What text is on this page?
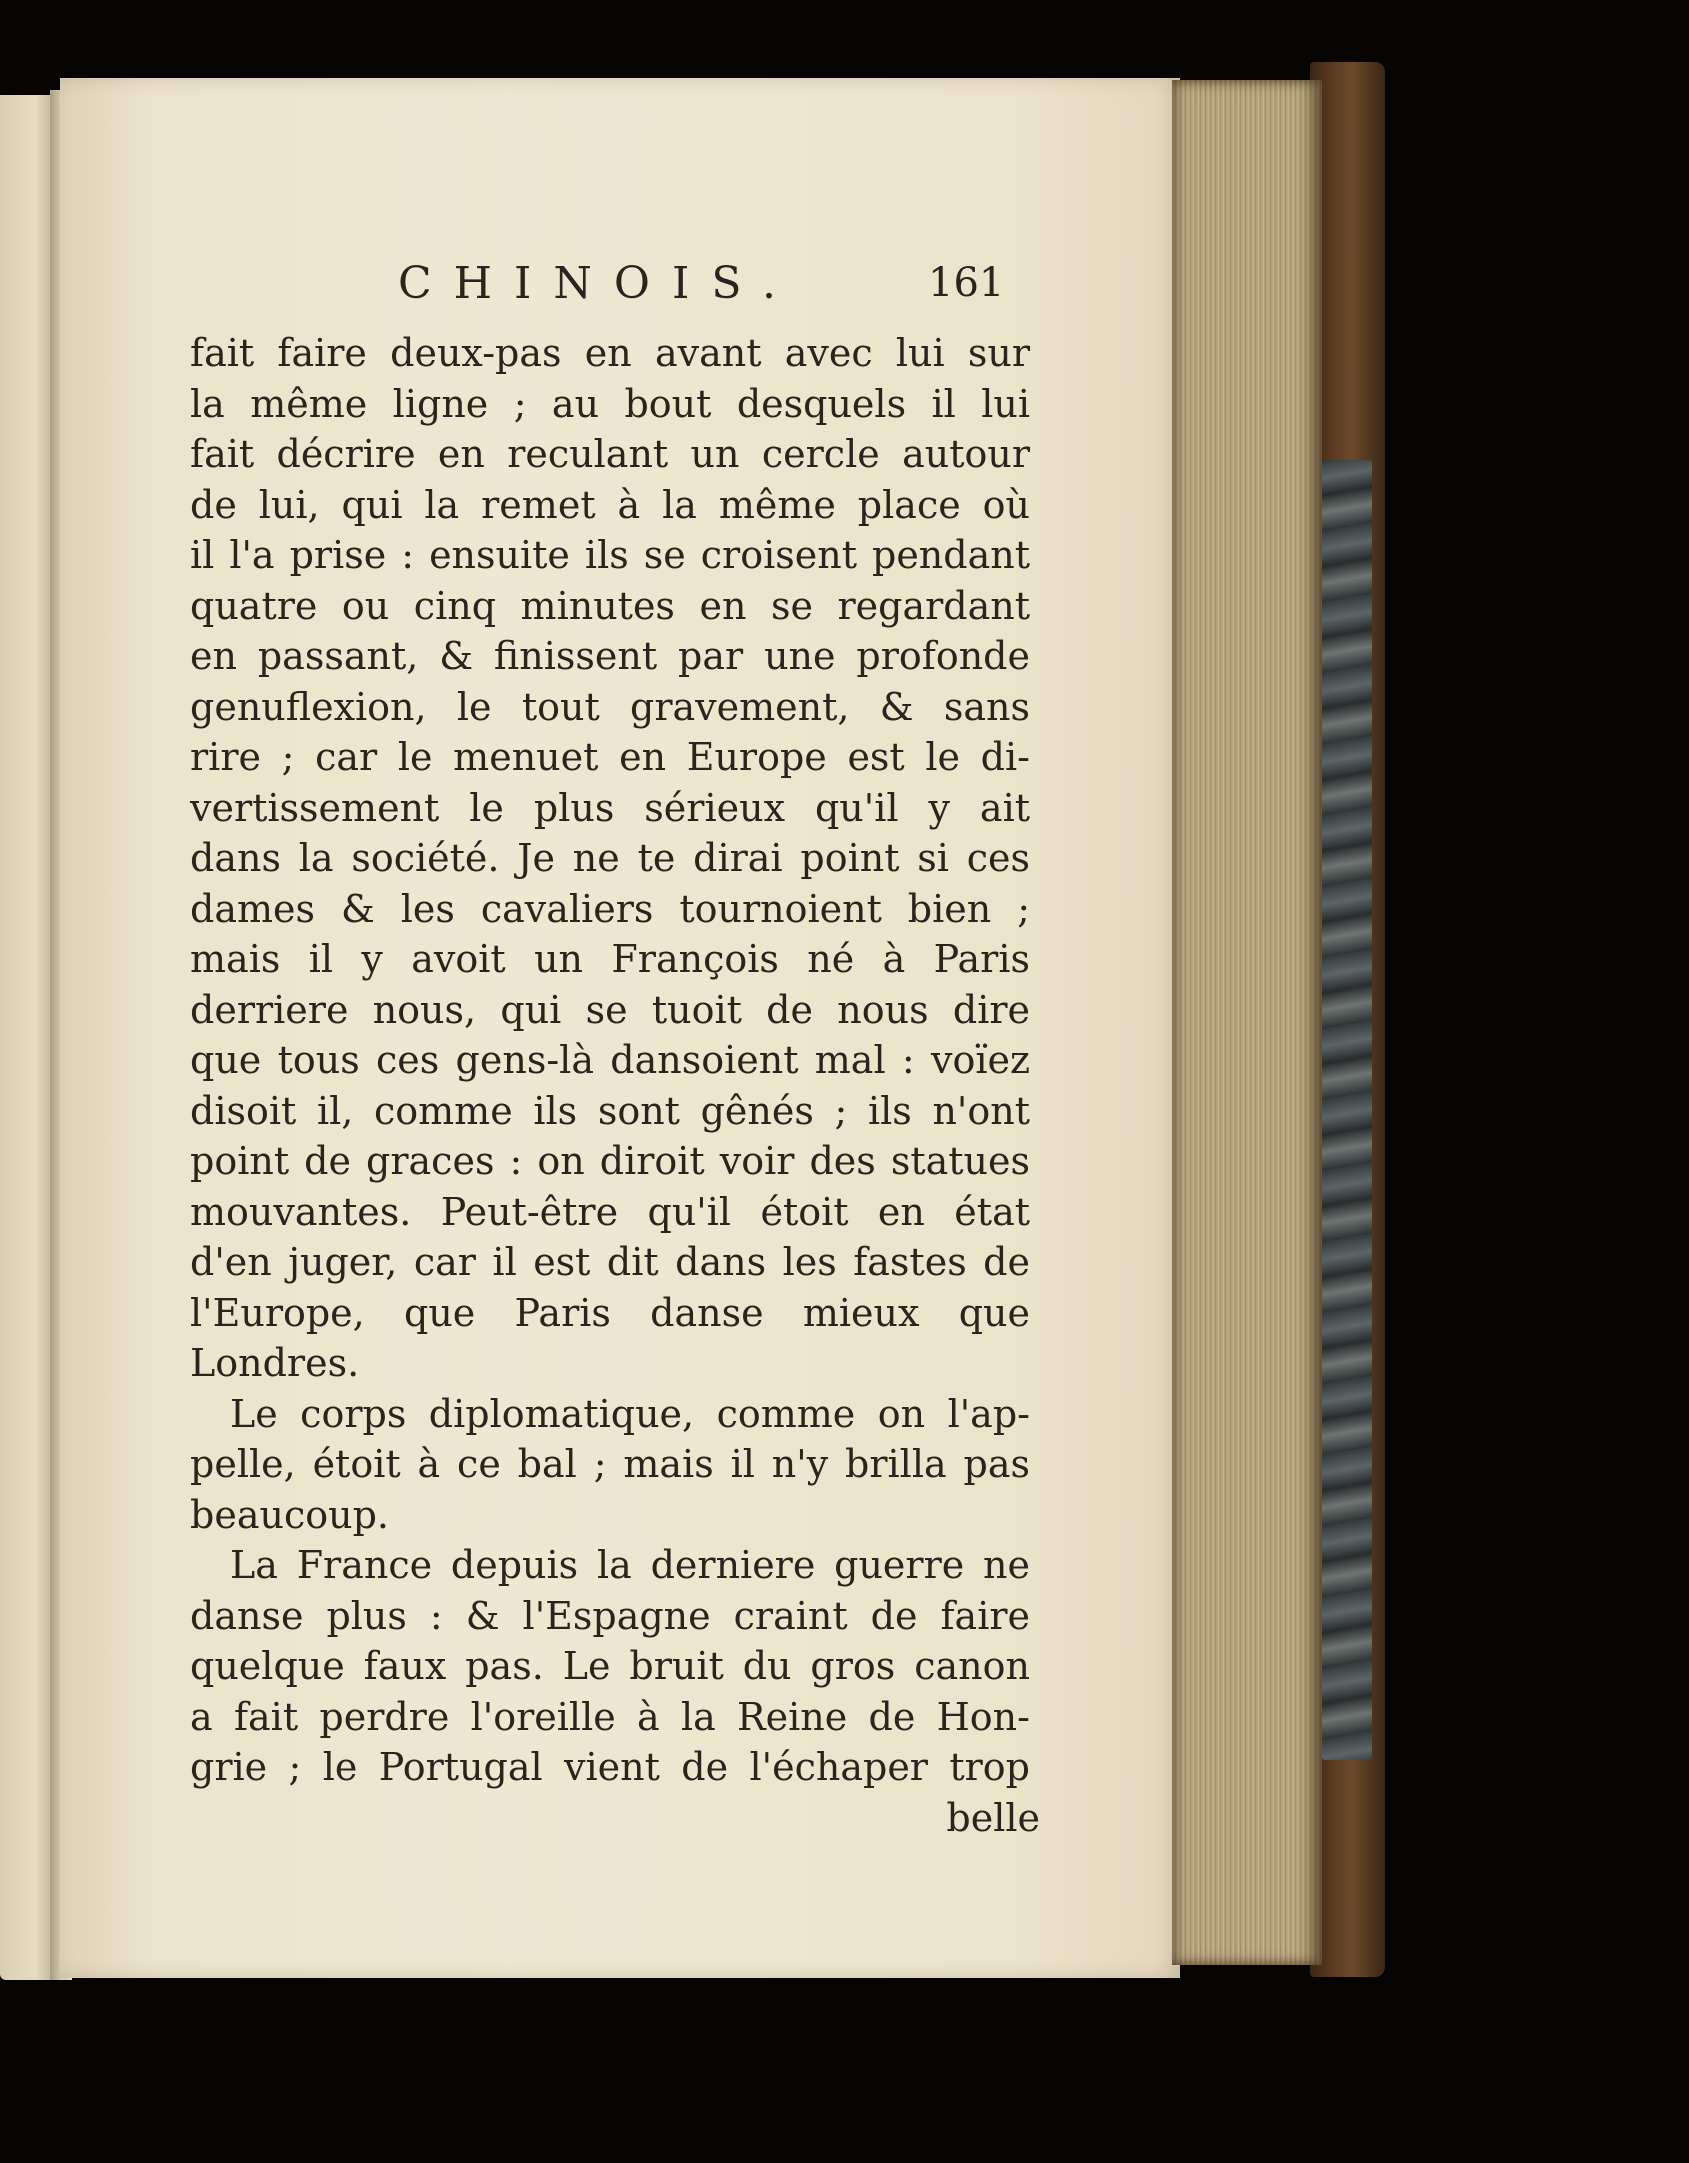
CHINOIS.	161
fait faire deux-pas en avant avec lui sur
la même ligne ; au bout desquels il lui
fait décrire en reculant un cercle autour
de lui, qui la remet à la même place où
il l'a prise : ensuite ils se croisent pendant
quatre ou cinq minutes en se regardant
en passant, & finissent par une profonde
genuflexion, le tout gravement, & sans
rire ; car le menuet en Europe est le di-
vertissement le plus sérieux qu'il y ait
dans la société. Je ne te dirai point si ces
dames & les cavaliers tournoient bien ;
mais il y avoit un François né à Paris
derriere nous, qui se tuoit de nous dire
que tous ces gens-là dansoient mal : voïez
disoit il, comme ils sont gênés ; ils n'ont
point de graces : on diroit voir des statues
mouvantes. Peut-être qu'il étoit en état
d'en juger, car il est dit dans les fastes de
l'Europe, que Paris danse mieux que
Londres.
Le corps diplomatique, comme on l'ap-
pelle, étoit à ce bal ; mais il n'y brilla pas
beaucoup.
La France depuis la derniere guerre ne
danse plus : & l'Espagne craint de faire
quelque faux pas. Le bruit du gros canon
a fait perdre l'oreille à la Reine de Hon-
grie ; le Portugal vient de l'échaper trop
belle
